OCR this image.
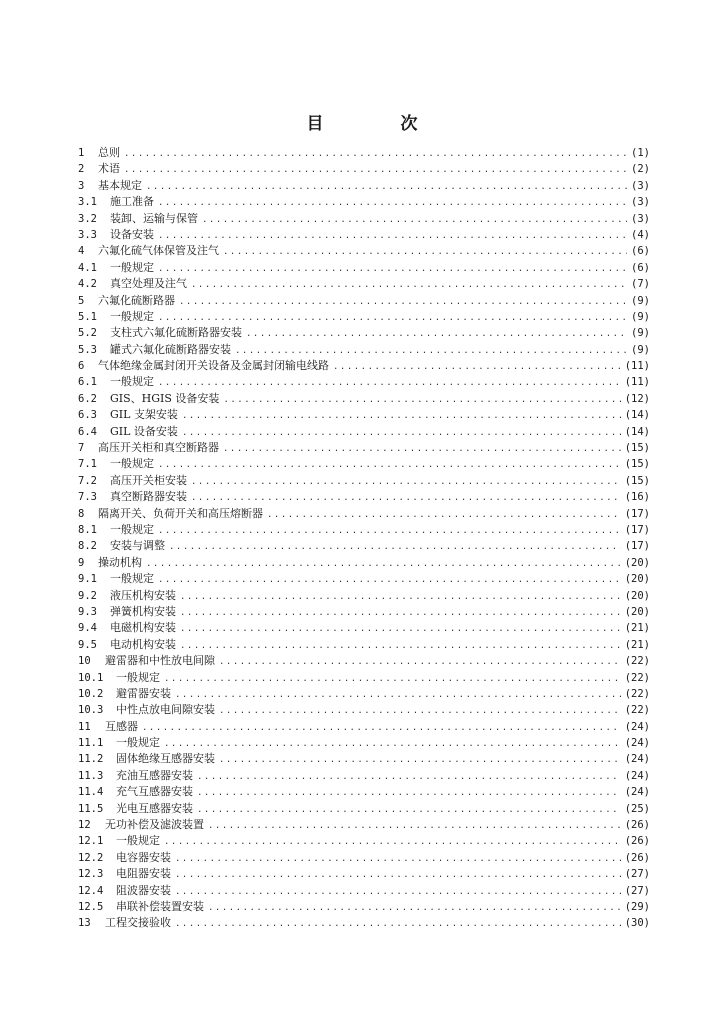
目　次
1	总则 .....	(1)
2	术语 .....	(2)
3	基本规定 .....	(3)
3.1	施工准备 .....	(3)
3.2	装卸、运输与保管 .....	(3)
3.3	设备安装 .....	(4)
4	六氟化硫气体保管及注气 .....	(6)
4.1	一般规定 .....	(6)
4.2	真空处理及注气 .....	(7)
5	六氟化硫断路器 .....	(9)
5.1	一般规定 .....	(9)
5.2	支柱式六氟化硫断路器安装 .....	(9)
5.3	罐式六氟化硫断路器安装 .....	(9)
6	气体绝缘金属封闭开关设备及金属封闭输电线路 .....	(11)
6.1	一般规定 .....	(11)
6.2	GIS、HGIS 设备安装 .....	(12)
6.3	GIL 支架安装 .....	(14)
6.4	GIL 设备安装 .....	(14)
7	高压开关柜和真空断路器 .....	(15)
7.1	一般规定 .....	(15)
7.2	高压开关柜安装 .....	(15)
7.3	真空断路器安装 .....	(16)
8	隔离开关、负荷开关和高压熔断器 .....	(17)
8.1	一般规定 .....	(17)
8.2	安装与调整 .....	(17)
9	操动机构 .....	(20)
9.1	一般规定 .....	(20)
9.2	液压机构安装 .....	(20)
9.3	弹簧机构安装 .....	(20)
9.4	电磁机构安装 .....	(21)
9.5	电动机构安装 .....	(21)
10	避雷器和中性放电间隙 .....	(22)
10.1	一般规定 .....	(22)
10.2	避雷器安装 .....	(22)
10.3	中性点放电间隙安装 .....	(22)
11	互感器 .....	(24)
11.1	一般规定 .....	(24)
11.2	固体绝缘互感器安装 .....	(24)
11.3	充油互感器安装 .....	(24)
11.4	充气互感器安装 .....	(24)
11.5	光电互感器安装 .....	(25)
12	无功补偿及滤波装置 .....	(26)
12.1	一般规定 .....	(26)
12.2	电容器安装 .....	(26)
12.3	电阻器安装 .....	(27)
12.4	阻波器安装 .....	(27)
12.5	串联补偿装置安装 .....	(29)
13	工程交接验收 .....	(30)
